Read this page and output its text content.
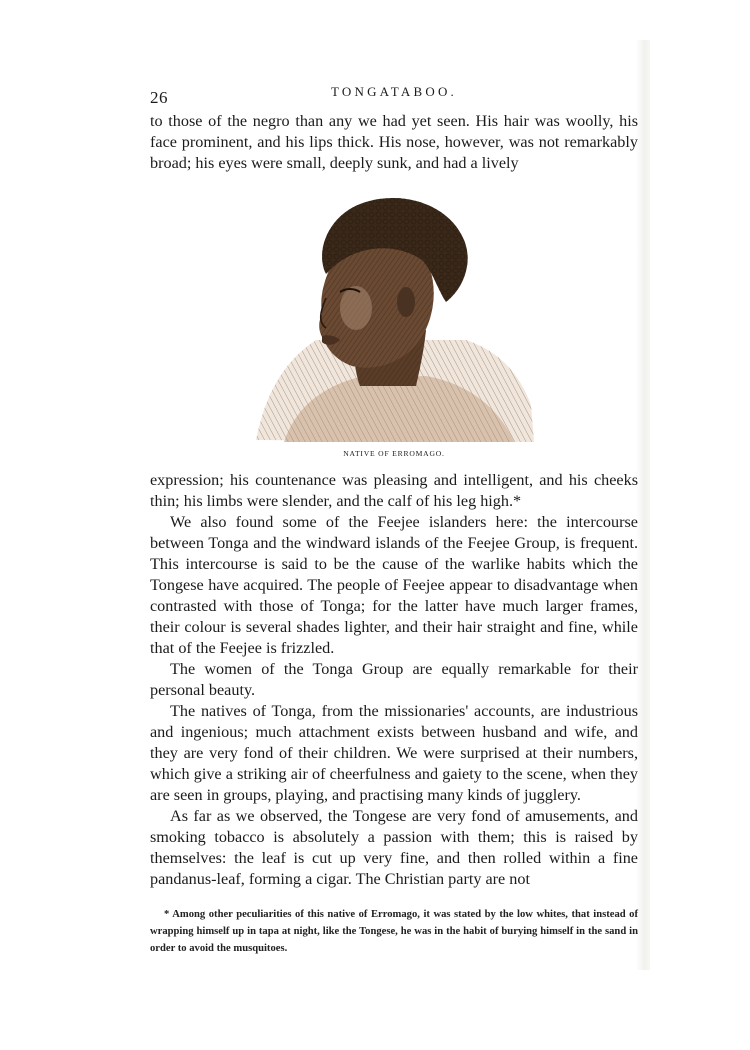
26	TONGATABOO.

to those of the negro than any we had yet seen. His hair was woolly, his face prominent, and his lips thick. His nose, however, was not remarkably broad; his eyes were small, deeply sunk, and had a lively

NATIVE OF ERROMAGO.

expression; his countenance was pleasing and intelligent, and his cheeks thin; his limbs were slender, and the calf of his leg high.*

We also found some of the Feejee islanders here: the intercourse between Tonga and the windward islands of the Feejee Group, is frequent. This intercourse is said to be the cause of the warlike habits which the Tongese have acquired. The people of Feejee appear to disadvantage when contrasted with those of Tonga; for the latter have much larger frames, their colour is several shades lighter, and their hair straight and fine, while that of the Feejee is frizzled.

The women of the Tonga Group are equally remarkable for their personal beauty.

The natives of Tonga, from the missionaries' accounts, are industrious and ingenious; much attachment exists between husband and wife, and they are very fond of their children. We were surprised at their numbers, which give a striking air of cheerfulness and gaiety to the scene, when they are seen in groups, playing, and practising many kinds of jugglery.

As far as we observed, the Tongese are very fond of amusements, and smoking tobacco is absolutely a passion with them; this is raised by themselves: the leaf is cut up very fine, and then rolled within a fine pandanus-leaf, forming a cigar. The Christian party are not

* Among other peculiarities of this native of Erromago, it was stated by the low whites, that instead of wrapping himself up in tapa at night, like the Tongese, he was in the habit of burying himself in the sand in order to avoid the musquitoes.
